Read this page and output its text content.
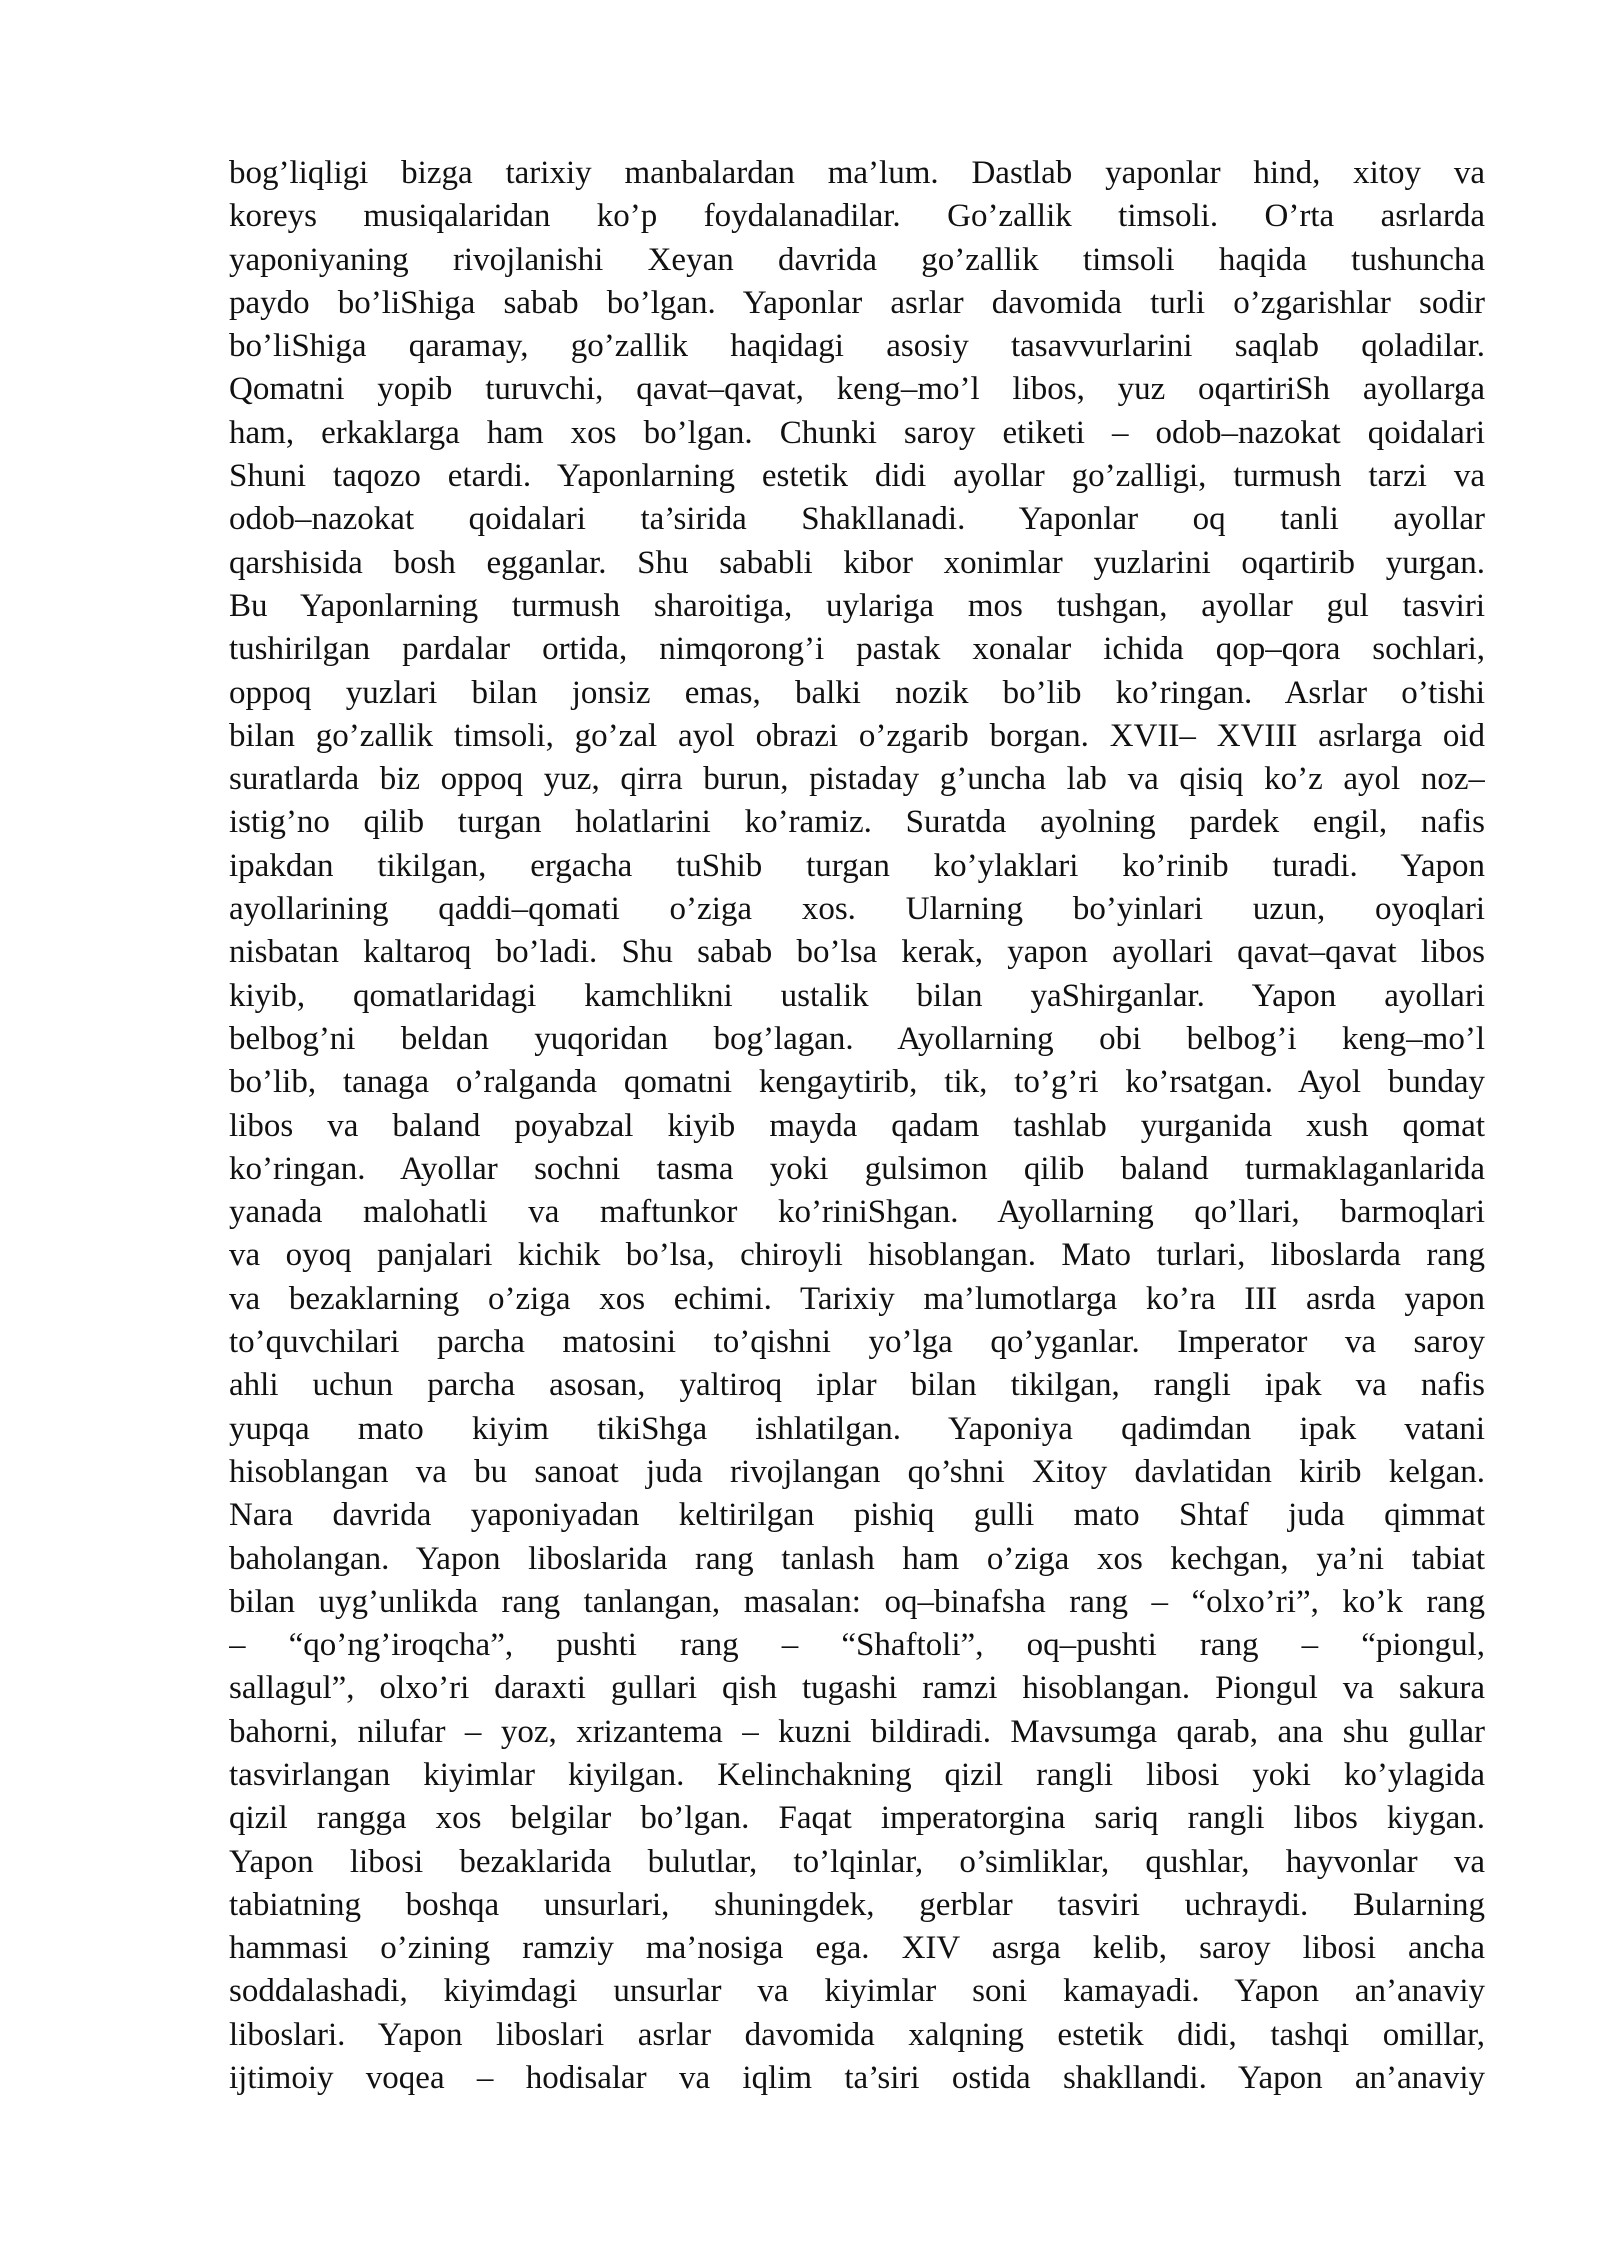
bog’liqligi bizga tarixiy manbalardan ma’lum. Dastlab yaponlar hind, xitoy va
koreys musiqalaridan ko’p foydalanadilar. Go’zallik timsoli. O’rta asrlarda
yaponiyaning rivojlanishi Xeyan davrida go’zallik timsoli haqida tushuncha
paydo bo’liShiga sabab bo’lgan. Yaponlar asrlar davomida turli o’zgarishlar sodir
bo’liShiga qaramay, go’zallik haqidagi asosiy tasavvurlarini saqlab qoladilar.
Qomatni yopib turuvchi, qavat–qavat, keng–mo’l libos, yuz oqartiriSh ayollarga
ham, erkaklarga ham xos bo’lgan. Chunki saroy etiketi – odob–nazokat qoidalari
Shuni taqozo etardi. Yaponlarning estetik didi ayollar go’zalligi, turmush tarzi va
odob–nazokat qoidalari ta’sirida Shakllanadi. Yaponlar oq tanli ayollar
qarshisida bosh egganlar. Shu sababli kibor xonimlar yuzlarini oqartirib yurgan.
Bu Yaponlarning turmush sharoitiga, uylariga mos tushgan, ayollar gul tasviri
tushirilgan pardalar ortida, nimqorong’i pastak xonalar ichida qop–qora sochlari,
oppoq yuzlari bilan jonsiz emas, balki nozik bo’lib ko’ringan. Asrlar o’tishi
bilan go’zallik timsoli, go’zal ayol obrazi o’zgarib borgan. XVII– XVIII asrlarga oid
suratlarda biz oppoq yuz, qirra burun, pistaday g’uncha lab va qisiq ko’z ayol noz–
istig’no qilib turgan holatlarini ko’ramiz. Suratda ayolning pardek engil, nafis
ipakdan tikilgan, ergacha tuShib turgan ko’ylaklari ko’rinib turadi. Yapon
ayollarining qaddi–qomati o’ziga xos. Ularning bo’yinlari uzun, oyoqlari
nisbatan kaltaroq bo’ladi. Shu sabab bo’lsa kerak, yapon ayollari qavat–qavat libos
kiyib, qomatlaridagi kamchlikni ustalik bilan yaShirganlar. Yapon ayollari
belbog’ni beldan yuqoridan bog’lagan. Ayollarning obi belbog’i keng–mo’l
bo’lib, tanaga o’ralganda qomatni kengaytirib, tik, to’g’ri ko’rsatgan. Ayol bunday
libos va baland poyabzal kiyib mayda qadam tashlab yurganida xush qomat
ko’ringan. Ayollar sochni tasma yoki gulsimon qilib baland turmaklaganlarida
yanada malohatli va maftunkor ko’riniShgan. Ayollarning qo’llari, barmoqlari
va oyoq panjalari kichik bo’lsa, chiroyli hisoblangan. Mato turlari, liboslarda rang
va bezaklarning o’ziga xos echimi. Tarixiy ma’lumotlarga ko’ra III asrda yapon
to’quvchilari parcha matosini to’qishni yo’lga qo’yganlar. Imperator va saroy
ahli uchun parcha asosan, yaltiroq iplar bilan tikilgan, rangli ipak va nafis
yupqa mato kiyim tikiShga ishlatilgan. Yaponiya qadimdan ipak vatani
hisoblangan va bu sanoat juda rivojlangan qo’shni Xitoy davlatidan kirib kelgan.
Nara davrida yaponiyadan keltirilgan pishiq gulli mato Shtaf juda qimmat
baholangan. Yapon liboslarida rang tanlash ham o’ziga xos kechgan, ya’ni tabiat
bilan uyg’unlikda rang tanlangan, masalan: oq–binafsha rang – “olxo’ri”, ko’k rang
– “qo’ng’iroqcha”, pushti rang – “Shaftoli”, oq–pushti rang – “piongul,
sallagul”, olxo’ri daraxti gullari qish tugashi ramzi hisoblangan. Piongul va sakura
bahorni, nilufar – yoz, xrizantema – kuzni bildiradi. Mavsumga qarab, ana shu gullar
tasvirlangan kiyimlar kiyilgan. Kelinchakning qizil rangli libosi yoki ko’ylagida
qizil rangga xos belgilar bo’lgan. Faqat imperatorgina sariq rangli libos kiygan.
Yapon libosi bezaklarida bulutlar, to’lqinlar, o’simliklar, qushlar, hayvonlar va
tabiatning boshqa unsurlari, shuningdek, gerblar tasviri uchraydi. Bularning
hammasi o’zining ramziy ma’nosiga ega. XIV asrga kelib, saroy libosi ancha
soddalashadi, kiyimdagi unsurlar va kiyimlar soni kamayadi. Yapon an’anaviy
liboslari. Yapon liboslari asrlar davomida xalqning estetik didi, tashqi omillar,
ijtimoiy voqea – hodisalar va iqlim ta’siri ostida shakllandi. Yapon an’anaviy
